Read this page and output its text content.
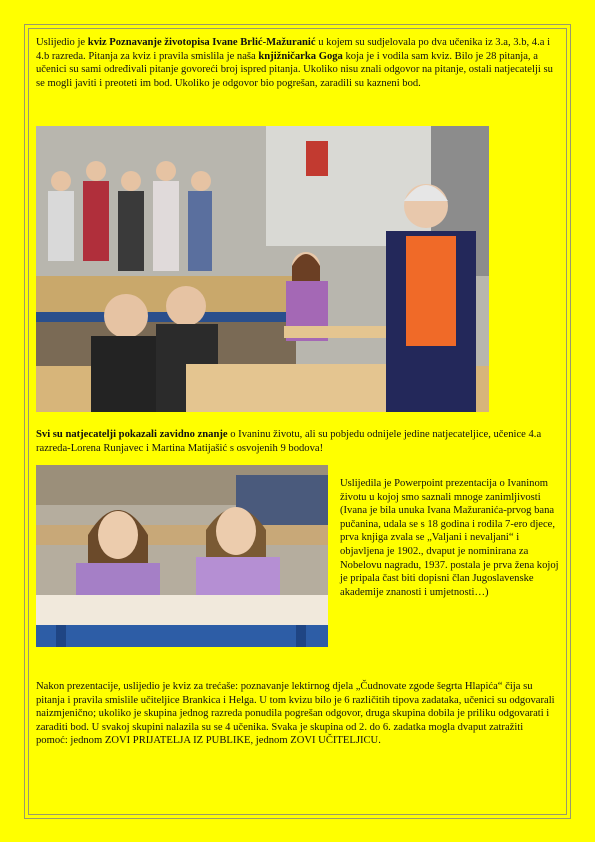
Uslijedio je kviz Poznavanje životopisa Ivane Brlić-Mažuranić u kojem su sudjelovala po dva učenika iz 3.a, 3.b, 4.a i 4.b razreda. Pitanja za kviz i pravila smislila je naša knjižničarka Goga koja je i vodila sam kviz. Bilo je 28 pitanja, a učenici su sami određivali pitanje govoreći broj ispred pitanja. Ukoliko nisu znali odgovor na pitanje, ostali natjecatelji su se mogli javiti i preoteti im bod. Ukoliko je odgovor bio pogrešan, zaradili su kazneni bod.

Svi su natjecatelji pokazali zavidno znanje o Ivaninu životu, ali su pobjedu odnijele jedine natjecateljice, učenice 4.a razreda-Lorena Runjavec i Martina Matijašić s osvojenih 9 bodova!

Uslijedila je Powerpoint prezentacija o Ivaninom životu u kojoj smo saznali mnoge zanimljivosti (Ivana je bila unuka Ivana Mažuranića-prvog bana pučanina, udala se s 18 godina i rodila 7-ero djece, prva knjiga zvala se „Valjani i nevaljani“ i objavljena je 1902., dvaput je nominirana za Nobelovu nagradu, 1937. postala je prva žena kojoj je pripala čast biti dopisni član Jugoslavenske akademije znanosti i umjetnosti…)

Nakon prezentacije, uslijedio je kviz za trećaše: poznavanje lektirnog djela „Čudnovate zgode šegrta Hlapića“ čija su pitanja i pravila smislile učiteljice Brankica i Helga. U tom kvizu bilo je 6 različitih tipova zadataka, učenici su odgovarali naizmjenično; ukoliko je skupina jednog razreda ponudila pogrešan odgovor, druga skupina dobila je priliku odgovarati i zaraditi bod. U svakoj skupini nalazila su se 4 učenika. Svaka je skupina od 2. do 6. zadatka mogla dvaput zatražiti pomoć: jednom ZOVI PRIJATELJA IZ PUBLIKE, jednom ZOVI UČITELJICU.
